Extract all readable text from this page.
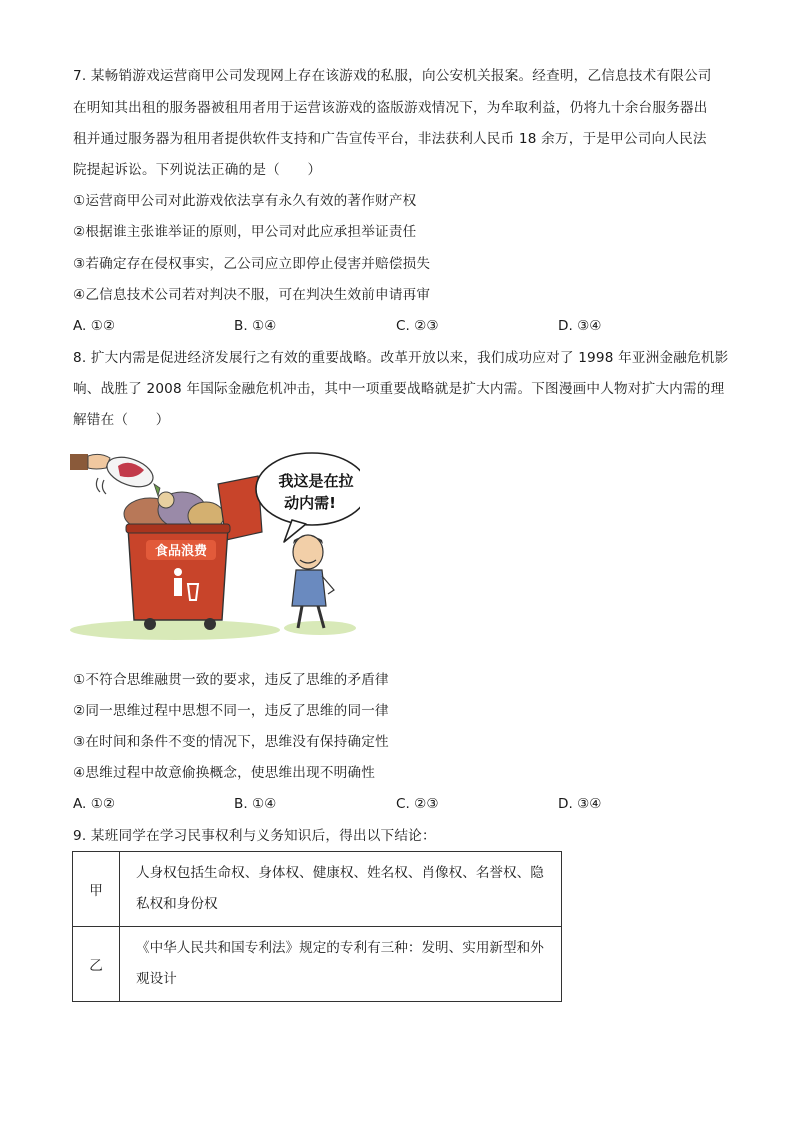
7. 某畅销游戏运营商甲公司发现网上存在该游戏的私服，向公安机关报案。经查明，乙信息技术有限公司
在明知其出租的服务器被租用者用于运营该游戏的盗版游戏情况下，为牟取利益，仍将九十余台服务器出
租并通过服务器为租用者提供软件支持和广告宣传平台，非法获利人民币 18 余万，于是甲公司向人民法
院提起诉讼。下列说法正确的是（　　）
①运营商甲公司对此游戏依法享有永久有效的著作财产权
②根据谁主张谁举证的原则，甲公司对此应承担举证责任
③若确定存在侵权事实，乙公司应立即停止侵害并赔偿损失
④乙信息技术公司若对判决不服，可在判决生效前申请再审
A. ①②	B. ①④	C. ②③	D. ③④
8. 扩大内需是促进经济发展行之有效的重要战略。改革开放以来，我们成功应对了 1998 年亚洲金融危机影
响、战胜了 2008 年国际金融危机冲击，其中一项重要战略就是扩大内需。下图漫画中人物对扩大内需的理
解错在（　　）
食品浪费
我这是在拉
动内需!
①不符合思维融贯一致的要求，违反了思维的矛盾律
②同一思维过程中思想不同一，违反了思维的同一律
③在时间和条件不变的情况下，思维没有保持确定性
④思维过程中故意偷换概念，使思维出现不明确性
A. ①②	B. ①④	C. ②③	D. ③④
9. 某班同学在学习民事权利与义务知识后，得出以下结论：
甲	人身权包括生命权、身体权、健康权、姓名权、肖像权、名誉权、隐私权和身份权
乙	《中华人民共和国专利法》规定的专利有三种：发明、实用新型和外观设计
